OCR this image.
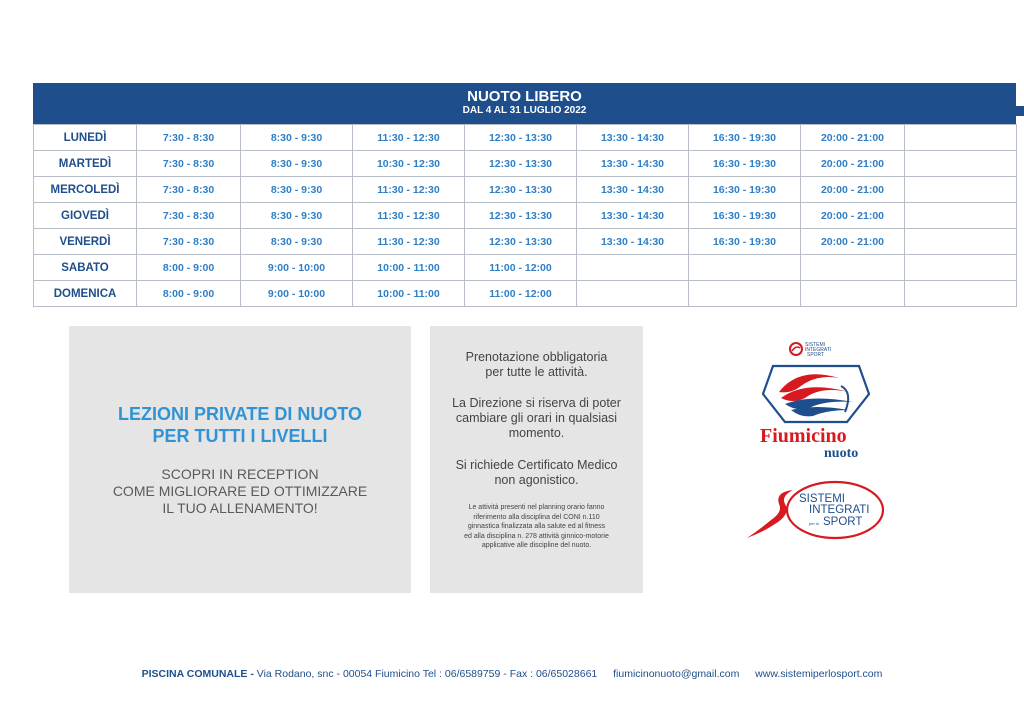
NUOTO LIBERO
DAL 4 AL 31 LUGLIO 2022
LUNEDÌ	7:30 - 8:30	8:30 - 9:30	11:30 - 12:30	12:30 - 13:30	13:30 - 14:30	16:30 - 19:30	20:00 - 21:00	
MARTEDÌ	7:30 - 8:30	8:30 - 9:30	10:30 - 12:30	12:30 - 13:30	13:30 - 14:30	16:30 - 19:30	20:00 - 21:00	
MERCOLEDÌ	7:30 - 8:30	8:30 - 9:30	11:30 - 12:30	12:30 - 13:30	13:30 - 14:30	16:30 - 19:30	20:00 - 21:00	
GIOVEDÌ	7:30 - 8:30	8:30 - 9:30	11:30 - 12:30	12:30 - 13:30	13:30 - 14:30	16:30 - 19:30	20:00 - 21:00	
VENERDÌ	7:30 - 8:30	8:30 - 9:30	11:30 - 12:30	12:30 - 13:30	13:30 - 14:30	16:30 - 19:30	20:00 - 21:00	
SABATO	8:00 - 9:00	9:00 - 10:00	10:00 - 11:00	11:00 - 12:00				
DOMENICA	8:00 - 9:00	9:00 - 10:00	10:00 - 11:00	11:00 - 12:00				
LEZIONI PRIVATE DI NUOTO
PER TUTTI I LIVELLI
SCOPRI IN RECEPTION
COME MIGLIORARE ED OTTIMIZZARE
IL TUO ALLENAMENTO!
Prenotazione obbligatoria
per tutte le attività.
La Direzione si riserva di poter
cambiare gli orari in qualsiasi
momento.
Si richiede Certificato Medico
non agonistico.
Le attività presenti nel planning orario fanno
riferimento alla disciplina del CONI n.110
ginnastica finalizzata alla salute ed al fitness
ed alla disciplina n. 278 attività ginnico-motorie
applicative alle discipline del nuoto.
SISTEMI
INTEGRATI
SPORT
Fiumicino
nuoto
SISTEMI
INTEGRATI
per lo SPORT
PISCINA COMUNALE - Via Rodano, snc - 00054 Fiumicino Tel : 06/6589759 - Fax : 06/65028661 fiumicinonuoto@gmail.com www.sistemiperlosport.com
